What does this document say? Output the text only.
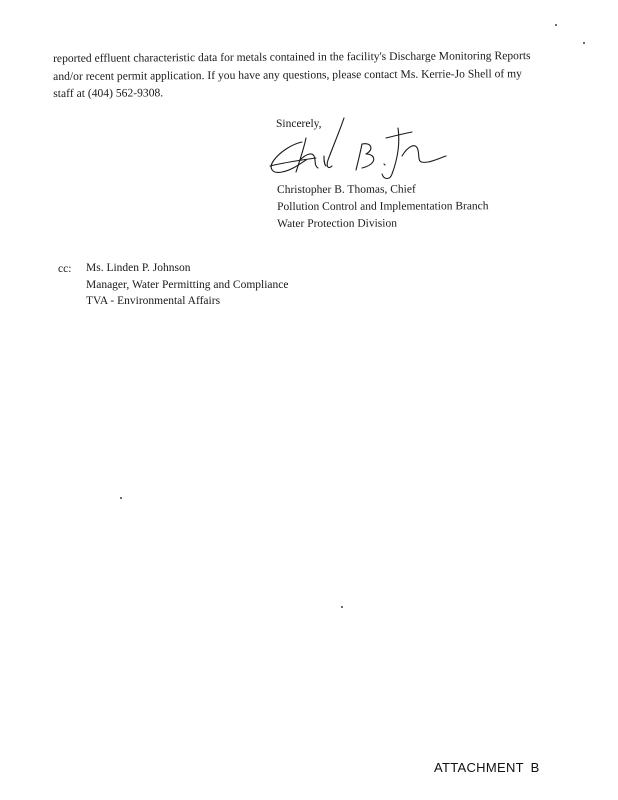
reported effluent characteristic data for metals contained in the facility's Discharge Monitoring Reports
and/or recent permit application. If you have any questions, please contact Ms. Kerrie-Jo Shell of my
staff at (404) 562-9308.
Sincerely,
Christopher B. Thomas, Chief
Pollution Control and Implementation Branch
Water Protection Division
cc: Ms. Linden P. Johnson
Manager, Water Permitting and Compliance
TVA - Environmental Affairs
ATTACHMENT B
